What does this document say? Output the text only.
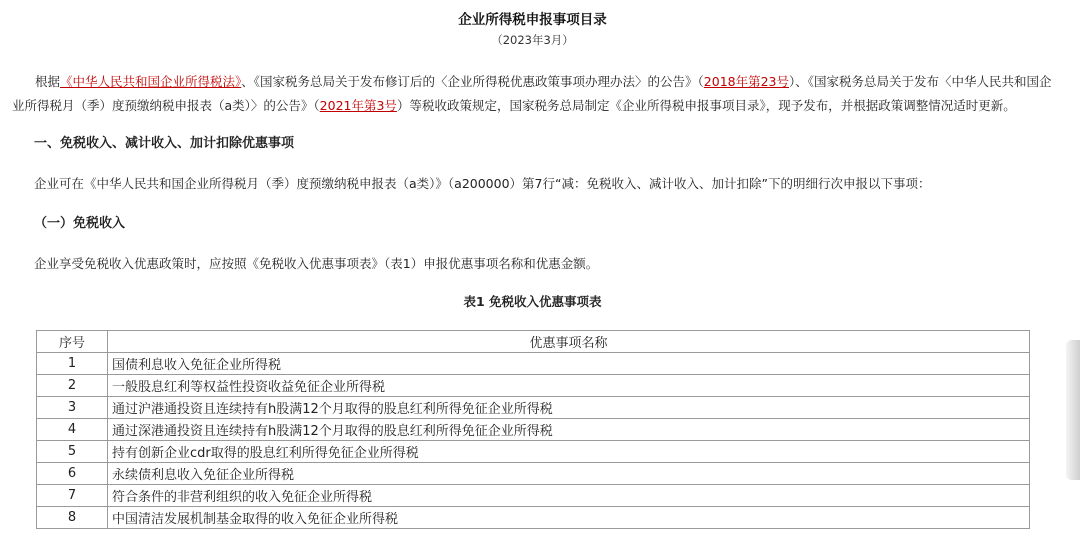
企业所得税申报事项目录
（2023年3月）
根据《中华人民共和国企业所得税法》、《国家税务总局关于发布修订后的〈企业所得税优惠政策事项办理办法〉的公告》（2018年第23号）、《国家税务总局关于发布〈中华人民共和国企业所得税月（季）度预缴纳税申报表（a类）〉的公告》（2021年第3号）等税收政策规定，国家税务总局制定《企业所得税申报事项目录》，现予发布，并根据政策调整情况适时更新。
一、免税收入、减计收入、加计扣除优惠事项
企业可在《中华人民共和国企业所得税月（季）度预缴纳税申报表（a类）》（a200000）第7行“减：免税收入、减计收入、加计扣除”下的明细行次申报以下事项：
（一）免税收入
企业享受免税收入优惠政策时，应按照《免税收入优惠事项表》（表1）申报优惠事项名称和优惠金额。
表1 免税收入优惠事项表
序号	优惠事项名称
1	国债利息收入免征企业所得税
2	一般股息红利等权益性投资收益免征企业所得税
3	通过沪港通投资且连续持有h股满12个月取得的股息红利所得免征企业所得税
4	通过深港通投资且连续持有h股满12个月取得的股息红利所得免征企业所得税
5	持有创新企业cdr取得的股息红利所得免征企业所得税
6	永续债利息收入免征企业所得税
7	符合条件的非营利组织的收入免征企业所得税
8	中国清洁发展机制基金取得的收入免征企业所得税
